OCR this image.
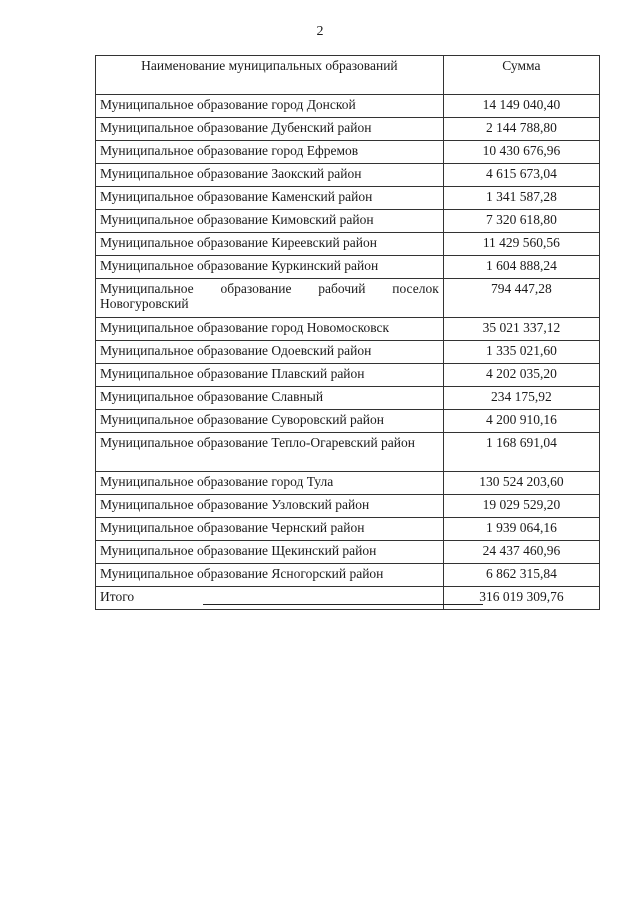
2
Наименование муниципальных образований	Сумма
Муниципальное образование город Донской	14 149 040,40
Муниципальное образование Дубенский район	2 144 788,80
Муниципальное образование город Ефремов	10 430 676,96
Муниципальное образование Заокский район	4 615 673,04
Муниципальное образование Каменский район	1 341 587,28
Муниципальное образование Кимовский район	7 320 618,80
Муниципальное образование Киреевский район	11 429 560,56
Муниципальное образование Куркинский район	1 604 888,24
Муниципальное образование рабочий поселок Новогуровский	794 447,28
Муниципальное образование город Новомосковск	35 021 337,12
Муниципальное образование Одоевский район	1 335 021,60
Муниципальное образование Плавский район	4 202 035,20
Муниципальное образование Славный	234 175,92
Муниципальное образование Суворовский район	4 200 910,16
Муниципальное образование Тепло-Огаревский район	1 168 691,04
Муниципальное образование город Тула	130 524 203,60
Муниципальное образование Узловский район	19 029 529,20
Муниципальное образование Чернский район	1 939 064,16
Муниципальное образование Щекинский район	24 437 460,96
Муниципальное образование Ясногорский район	6 862 315,84
Итого	316 019 309,76
